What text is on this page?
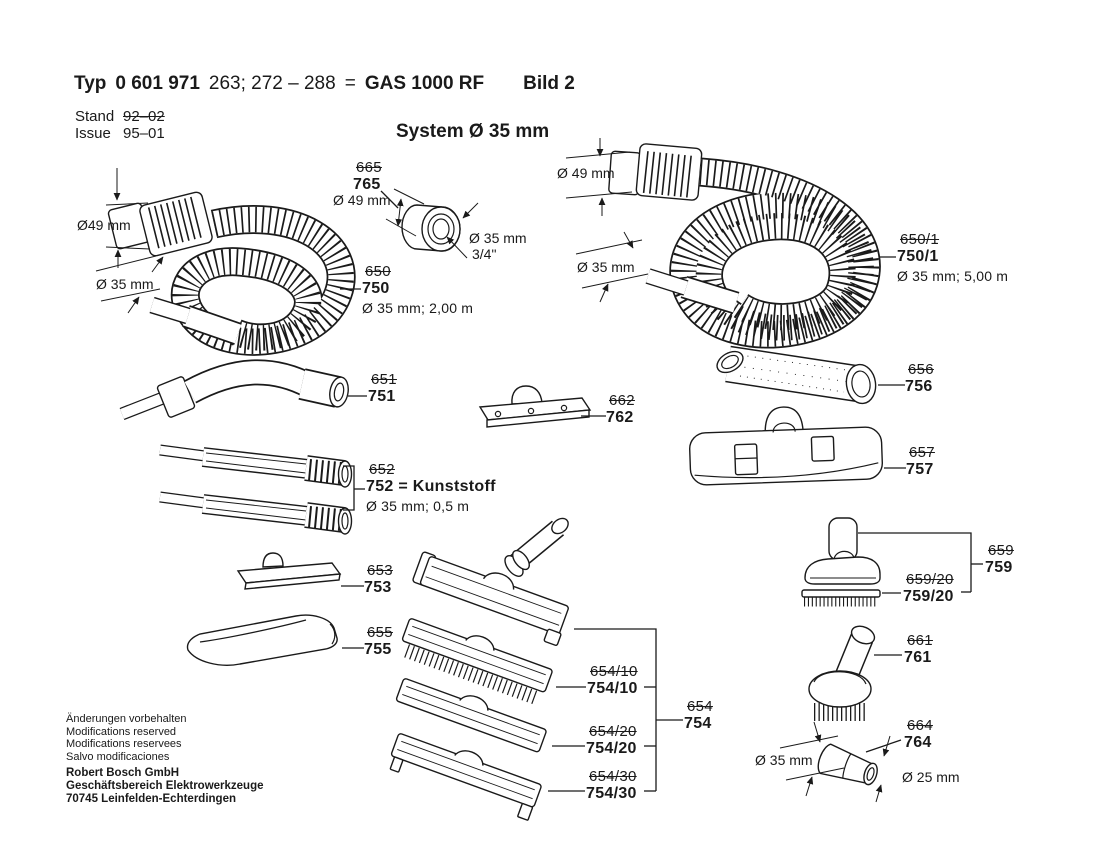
Typ 0 601 971 263; 272 – 288 = GAS 1000 RF Bild 2
Stand 92–02
Issue 95–01	System Ø 35 mm
665
765
650
750
Ø 35 mm; 2,00 m
650/1
750/1
Ø 35 mm; 5,00 m
651
751	662
762
656
756
657
757
652
752 = Kunststoff
Ø 35 mm; 0,5 m
653
753
655
755
654/10
754/10
654/20
754/20
654/30
754/30
654
754
659
759
659/20
759/20
661
761
664
764
Ø 49 mm
Ø 35 mm
3/4"
Ø49 mm
Ø 35 mm
Ø 49 mm
Ø 35 mm
Ø 35 mm
Ø 25 mm
Änderungen vorbehalten
Modifications reserved
Modifications reservees
Salvo modificaciones
Robert Bosch GmbH
Geschäftsbereich Elektrowerkzeuge
70745 Leinfelden-Echterdingen
